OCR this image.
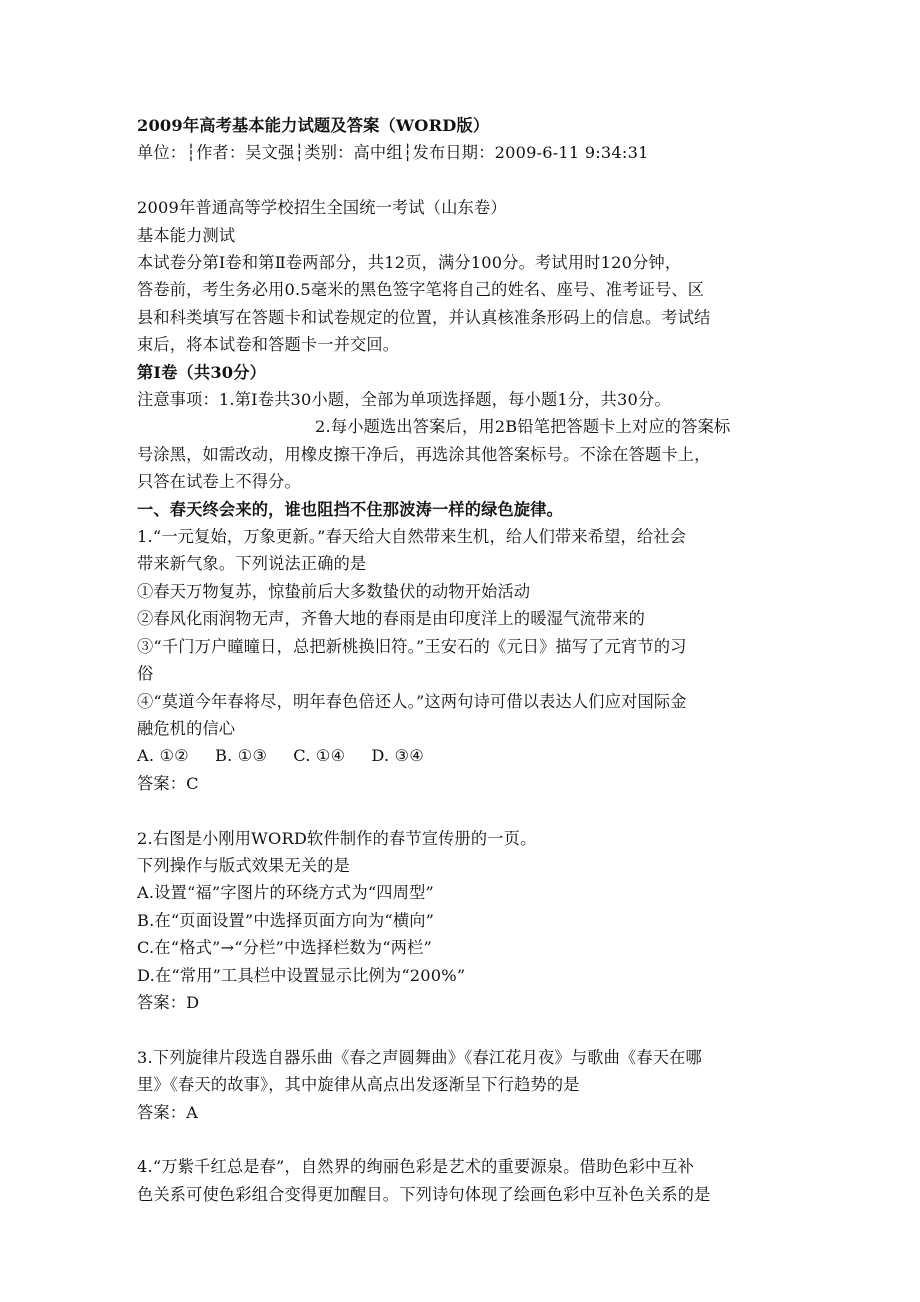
2009年高考基本能力试题及答案（WORD版）
单位：┆作者：吴文强┆类别：高中组┆发布日期：2009-6-11 9:34:31
2009年普通高等学校招生全国统一考试（山东卷）
基本能力测试
本试卷分第Ⅰ卷和第Ⅱ卷两部分，共12页，满分100分。考试用时120分钟，
答卷前，考生务必用0.5毫米的黑色签字笔将自己的姓名、座号、准考证号、区
县和科类填写在答题卡和试卷规定的位置，并认真核准条形码上的信息。考试结
束后，将本试卷和答题卡一并交回。
第Ⅰ卷（共30分）
注意事项：1.第Ⅰ卷共30小题，全部为单项选择题，每小题1分，共30分。
2.每小题选出答案后，用2B铅笔把答题卡上对应的答案标
号涂黑，如需改动，用橡皮擦干净后，再选涂其他答案标号。不涂在答题卡上，
只答在试卷上不得分。
一、春天终会来的，谁也阻挡不住那波涛一样的绿色旋律。
1.“一元复始，万象更新。”春天给大自然带来生机，给人们带来希望，给社会
带来新气象。下列说法正确的是
①春天万物复苏，惊蛰前后大多数蛰伏的动物开始活动
②春风化雨润物无声，齐鲁大地的春雨是由印度洋上的暖湿气流带来的
③“千门万户曈曈日，总把新桃换旧符。”王安石的《元日》描写了元宵节的习
俗
④“莫道今年春将尽，明年春色倍还人。”这两句诗可借以表达人们应对国际金
融危机的信心
A. ①② B. ①③ C. ①④ D. ③④
答案：C
2.右图是小刚用WORD软件制作的春节宣传册的一页。
下列操作与版式效果无关的是
A.设置“福”字图片的环绕方式为“四周型”
B.在“页面设置”中选择页面方向为“横向”
C.在“格式”→“分栏”中选择栏数为“两栏”
D.在“常用”工具栏中设置显示比例为“200%”
答案：D
3.下列旋律片段选自器乐曲《春之声圆舞曲》《春江花月夜》与歌曲《春天在哪
里》《春天的故事》，其中旋律从高点出发逐渐呈下行趋势的是
答案：A
4.“万紫千红总是春”，自然界的绚丽色彩是艺术的重要源泉。借助色彩中互补
色关系可使色彩组合变得更加醒目。下列诗句体现了绘画色彩中互补色关系的是
